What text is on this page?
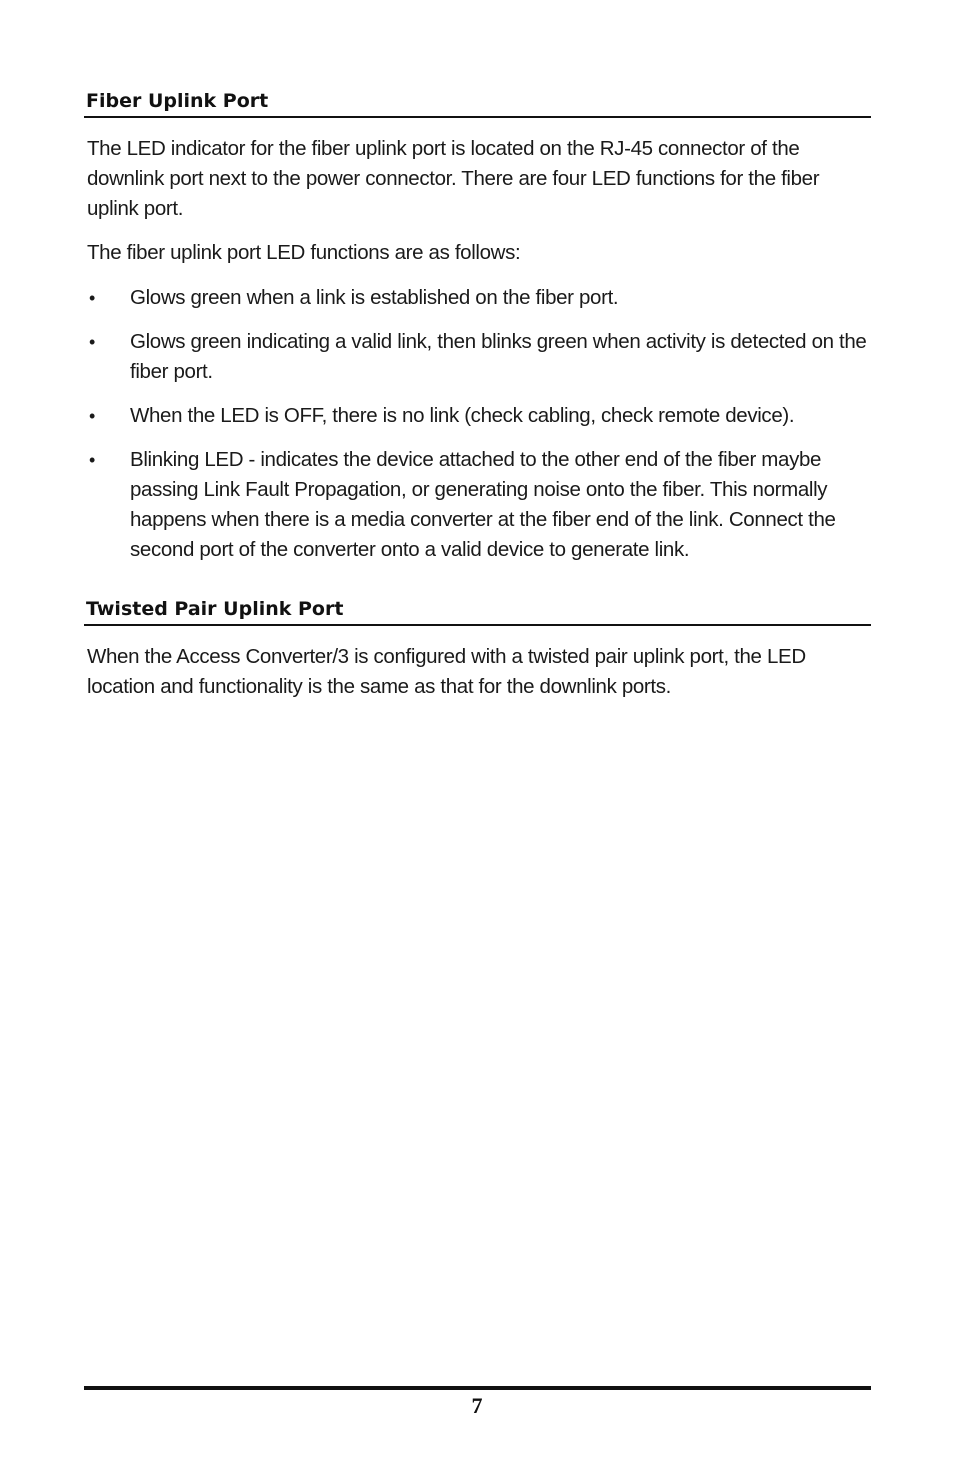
Fiber Uplink Port

The LED indicator for the fiber uplink port is located on the RJ-45 connector of the downlink port next to the power connector. There are four LED functions for the fiber uplink port.

The fiber uplink port LED functions are as follows:

• Glows green when a link is established on the fiber port.
• Glows green indicating a valid link, then blinks green when activity is detected on the fiber port.
• When the LED is OFF, there is no link (check cabling, check remote device).
• Blinking LED - indicates the device attached to the other end of the fiber maybe passing Link Fault Propagation, or generating noise onto the fiber. This normally happens when there is a media converter at the fiber end of the link. Connect the second port of the converter onto a valid device to generate link.
Twisted Pair Uplink Port

When the Access Converter/3 is configured with a twisted pair uplink port, the LED location and functionality is the same as that for the downlink ports.

7
